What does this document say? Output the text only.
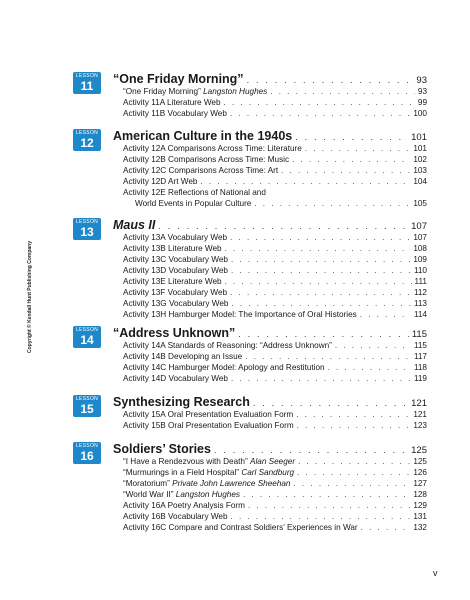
Copyright © Kendall Hunt Publishing Company
LESSON
11	“One Friday Morning” . . .	93
“One Friday Morning” Langston Hughes . . .	93
Activity 11A Literature Web . . .	99
Activity 11B Vocabulary Web . . .	100
LESSON
12	American Culture in the 1940s . . .	101
Activity 12A Comparisons Across Time: Literature . . .	101
Activity 12B Comparisons Across Time: Music . . .	102
Activity 12C Comparisons Across Time: Art . . .	103
Activity 12D Art Web . . .	104
Activity 12E Reflections of National and
World Events in Popular Culture . . .	105
LESSON
13	Maus II . . .	107
Activity 13A Vocabulary Web . . .	107
Activity 13B Literature Web . . .	108
Activity 13C Vocabulary Web . . .	109
Activity 13D Vocabulary Web . . .	110
Activity 13E Literature Web . . .	111
Activity 13F Vocabulary Web . . .	112
Activity 13G Vocabulary Web . . .	113
Activity 13H Hamburger Model: The Importance of Oral Histories . . .	114
LESSON
14	“Address Unknown” . . .	115
Activity 14A Standards of Reasoning: “Address Unknown” . . .	115
Activity 14B Developing an Issue . . .	117
Activity 14C Hamburger Model: Apology and Restitution . . .	118
Activity 14D Vocabulary Web . . .	119
LESSON
15	Synthesizing Research . . .	121
Activity 15A Oral Presentation Evaluation Form . . .	121
Activity 15B Oral Presentation Evaluation Form . . .	123
LESSON
16	Soldiers’ Stories . . .	125
“I Have a Rendezvous with Death” Alan Seeger . . .	125
“Murmurings in a Field Hospital” Carl Sandburg . . .	126
“Moratorium” Private John Lawrence Sheehan . . .	127
“World War II” Langston Hughes . . .	128
Activity 16A Poetry Analysis Form . . .	129
Activity 16B Vocabulary Web . . .	131
Activity 16C Compare and Contrast Soldiers’ Experiences in War . . .	132
v
